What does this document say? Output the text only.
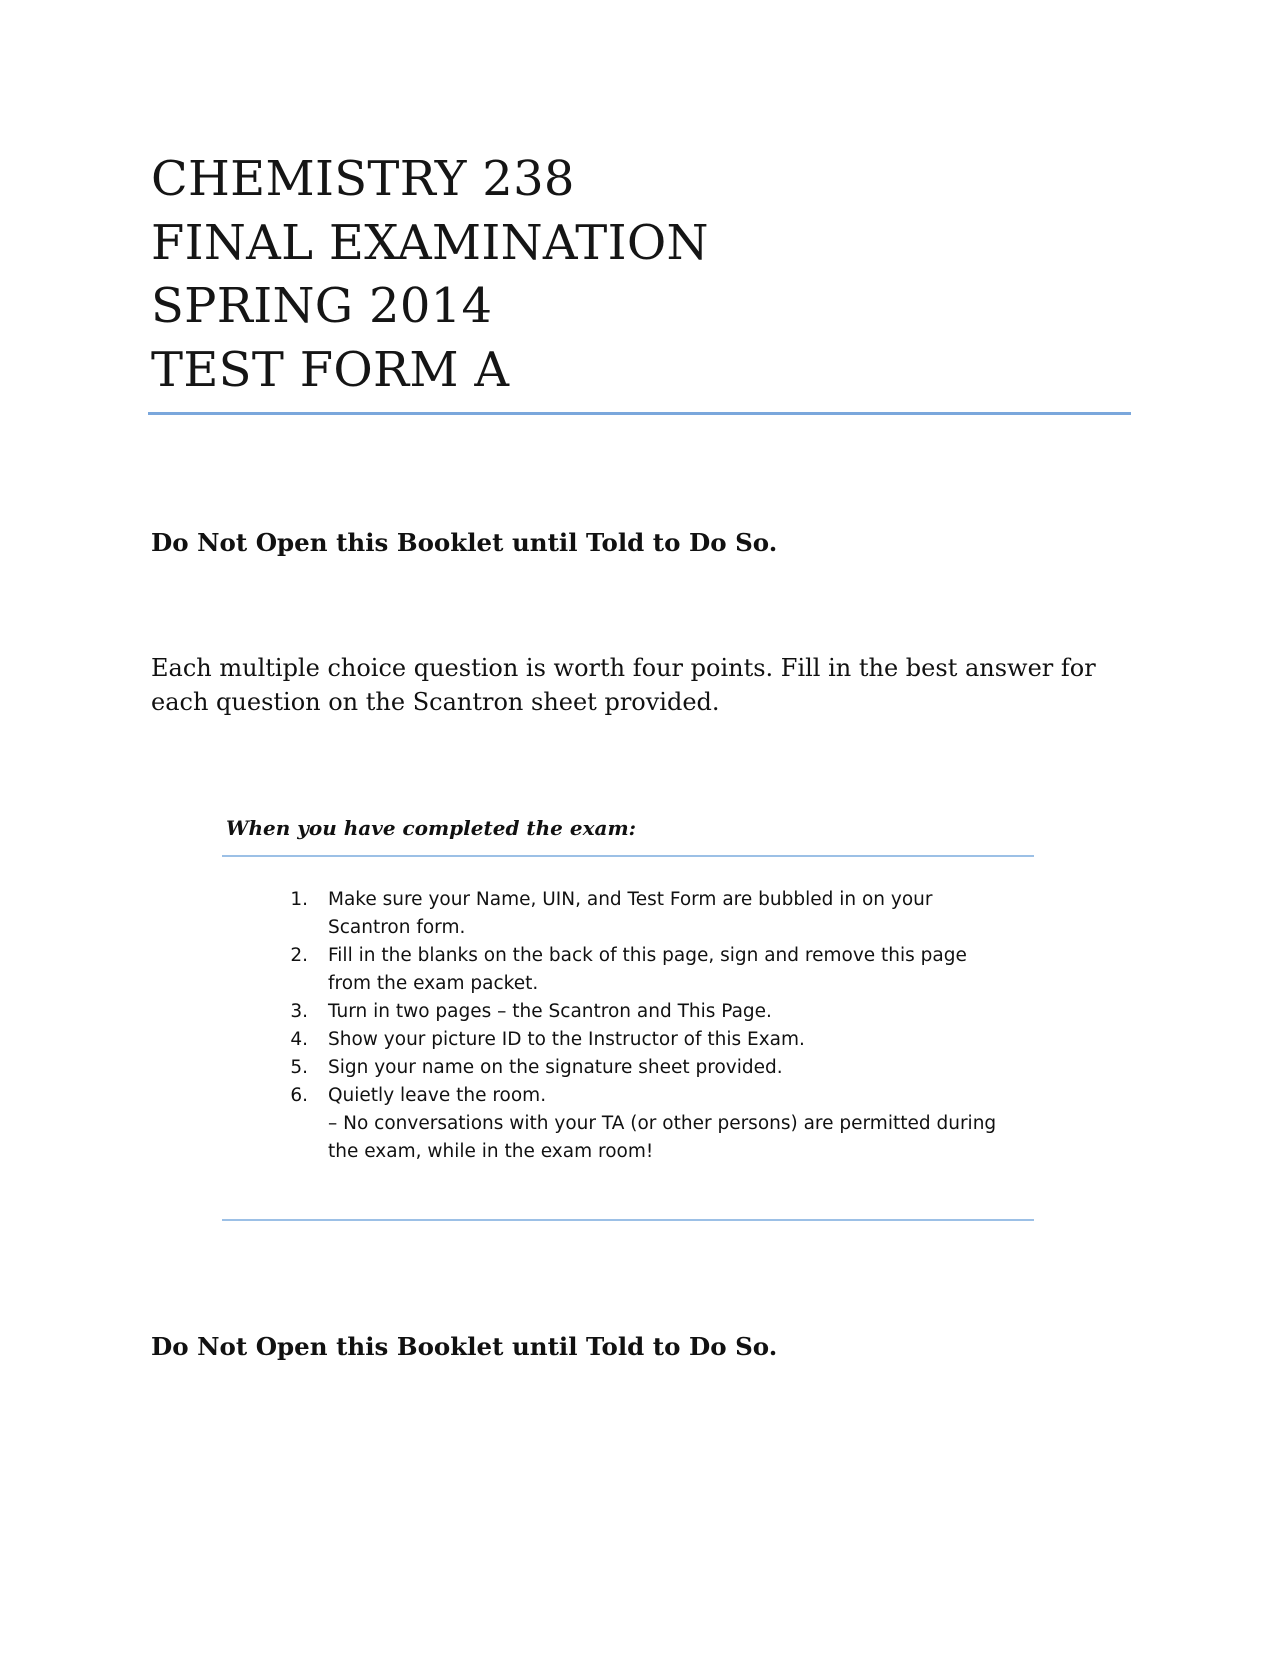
CHEMISTRY 238
FINAL EXAMINATION
SPRING 2014
TEST FORM A
Do Not Open this Booklet until Told to Do So.
Each multiple choice question is worth four points. Fill in the best answer for each question on the Scantron sheet provided.
When you have completed the exam:
1. Make sure your Name, UIN, and Test Form are bubbled in on your Scantron form.
2. Fill in the blanks on the back of this page, sign and remove this page from the exam packet.
3. Turn in two pages – the Scantron and This Page.
4. Show your picture ID to the Instructor of this Exam.
5. Sign your name on the signature sheet provided.
6. Quietly leave the room.
– No conversations with your TA (or other persons) are permitted during the exam, while in the exam room!
Do Not Open this Booklet until Told to Do So.
